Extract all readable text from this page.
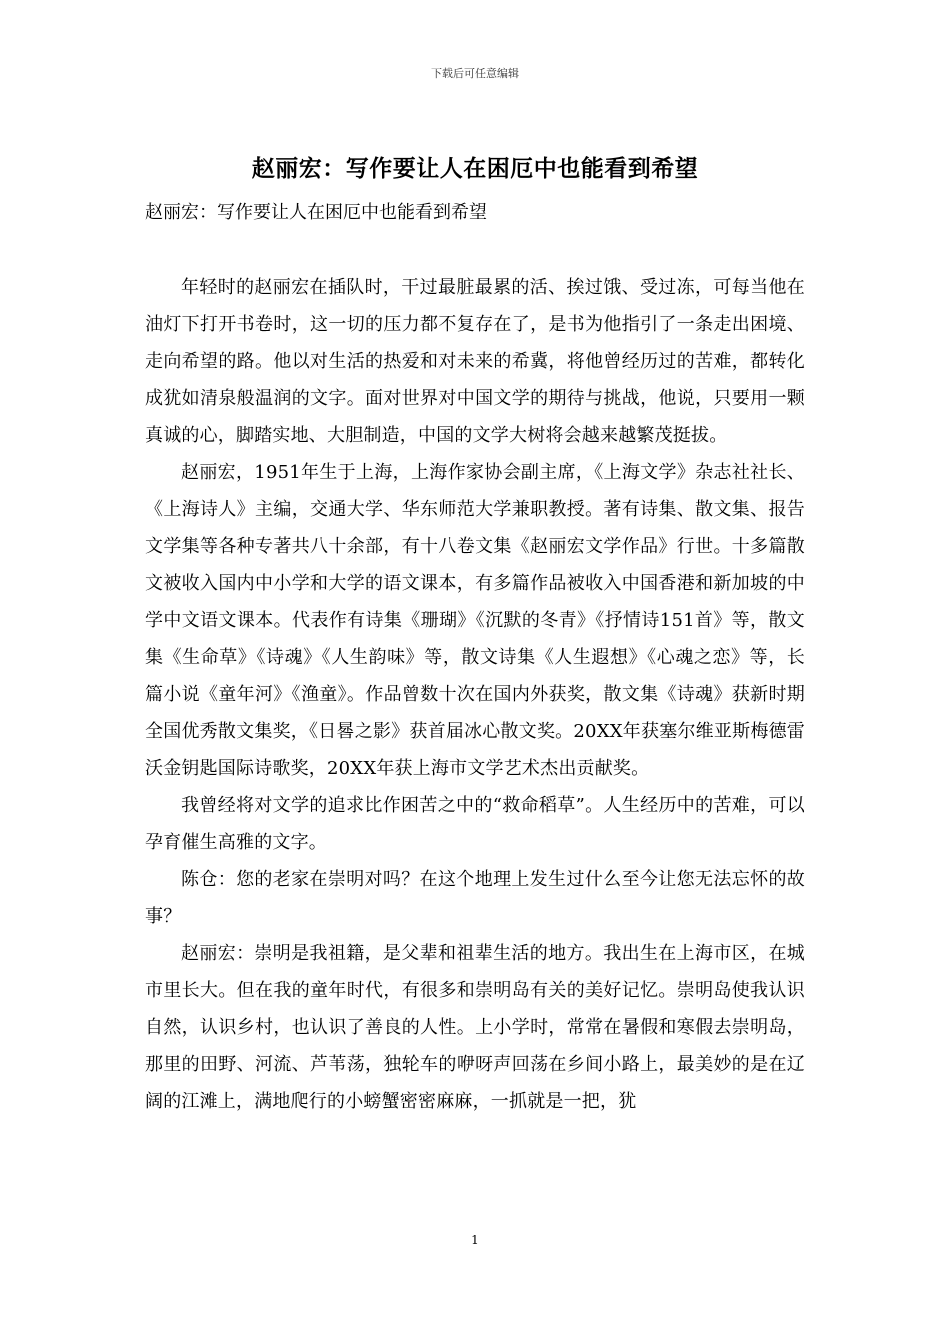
下载后可任意编辑
赵丽宏：写作要让人在困厄中也能看到希望
赵丽宏：写作要让人在困厄中也能看到希望

年轻时的赵丽宏在插队时，干过最脏最累的活、挨过饿、受过冻，可每当他在油灯下打开书卷时，这一切的压力都不复存在了，是书为他指引了一条走出困境、走向希望的路。他以对生活的热爱和对未来的希冀，将他曾经历过的苦难，都转化成犹如清泉般温润的文字。面对世界对中国文学的期待与挑战，他说，只要用一颗真诚的心，脚踏实地、大胆制造，中国的文学大树将会越来越繁茂挺拔。

赵丽宏，1951年生于上海，上海作家协会副主席，《上海文学》杂志社社长、《上海诗人》主编，交通大学、华东师范大学兼职教授。著有诗集、散文集、报告文学集等各种专著共八十余部，有十八卷文集《赵丽宏文学作品》行世。十多篇散文被收入国内中小学和大学的语文课本，有多篇作品被收入中国香港和新加坡的中学中文语文课本。代表作有诗集《珊瑚》《沉默的冬青》《抒情诗151首》等，散文集《生命草》《诗魂》《人生韵味》等，散文诗集《人生遐想》《心魂之恋》等，长篇小说《童年河》《渔童》。作品曾数十次在国内外获奖，散文集《诗魂》获新时期全国优秀散文集奖，《日晷之影》获首届冰心散文奖。20XX年获塞尔维亚斯梅德雷沃金钥匙国际诗歌奖，20XX年获上海市文学艺术杰出贡献奖。

我曾经将对文学的追求比作困苦之中的“救命稻草”。人生经历中的苦难，可以孕育催生高雅的文字。

陈仓：您的老家在崇明对吗？在这个地理上发生过什么至今让您无法忘怀的故事？

赵丽宏：崇明是我祖籍，是父辈和祖辈生活的地方。我出生在上海市区，在城市里长大。但在我的童年时代，有很多和崇明岛有关的美好记忆。崇明岛使我认识自然，认识乡村，也认识了善良的人性。上小学时，常常在暑假和寒假去崇明岛，那里的田野、河流、芦苇荡，独轮车的咿呀声回荡在乡间小路上，最美妙的是在辽阔的江滩上，满地爬行的小螃蟹密密麻麻，一抓就是一把，犹

1
